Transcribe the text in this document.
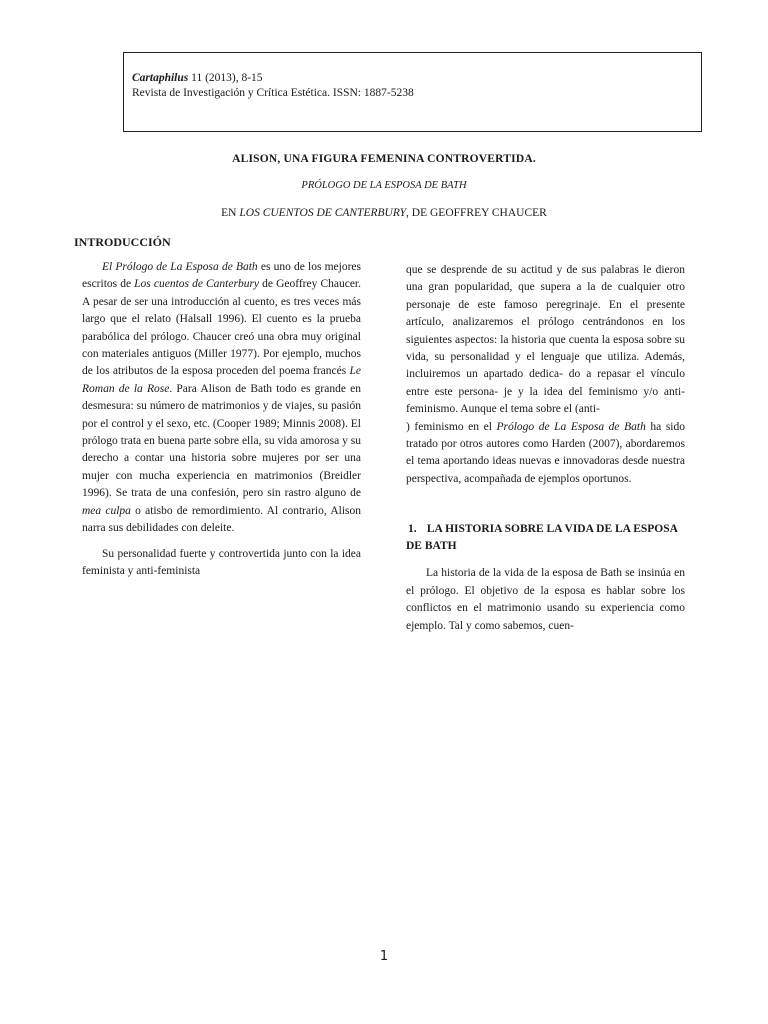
Cartaphilus 11 (2013), 8-15
Revista de Investigación y Crítica Estética. ISSN: 1887-5238
ALISON, UNA FIGURA FEMENINA CONTROVERTIDA.
PRÓLOGO DE LA ESPOSA DE BATH
EN LOS CUENTOS DE CANTERBURY, DE GEOFFREY CHAUCER
INTRODUCCIÓN

El Prólogo de La Esposa de Bath es uno de los mejores escritos de Los cuentos de Canterbury de Geoffrey Chaucer. A pesar de ser una introducción al cuento, es tres veces más largo que el relato (Halsall 1996). El cuento es la prueba parabólica del prólogo. Chaucer creó una obra muy original con materiales antiguos (Miller 1977). Por ejemplo, muchos de los atributos de la esposa proceden del poema francés Le Roman de la Rose. Para Alison de Bath todo es grande en desmesura: su número de matrimonios y de viajes, su pasión por el control y el sexo, etc. (Cooper 1989; Minnis 2008). El prólogo trata en buena parte sobre ella, su vida amorosa y su derecho a contar una historia sobre mujeres por ser una mujer con mucha experiencia en matrimonios (Breidler 1996). Se trata de una confesión, pero sin rastro alguno de mea culpa o atisbo de remordimiento. Al contrario, Alison narra sus debilidades con deleite.

Su personalidad fuerte y controvertida junto con la idea feminista y anti-feminista

que se desprende de su actitud y de sus palabras le dieron una gran popularidad, que supera a la de cualquier otro personaje de este famoso peregrinaje. En el presente artículo, analizaremos el prólogo centrándonos en los siguientes aspectos: la historia que cuenta la esposa sobre su vida, su personalidad y el lenguaje que utiliza. Además, incluiremos un apartado dedica- do a repasar el vínculo entre este persona- je y la idea del feminismo y/o anti- feminismo. Aunque el tema sobre el (anti-

) feminismo en el Prólogo de La Esposa de Bath ha sido tratado por otros autores como Harden (2007), abordaremos el tema aportando ideas nuevas e innovadoras desde nuestra perspectiva, acompañada de ejemplos oportunos.

1. LA HISTORIA SOBRE LA VIDA DE LA ESPOSA DE BATH

La historia de la vida de la esposa de Bath se insinúa en el prólogo. El objetivo de la esposa es hablar sobre los conflictos en el matrimonio usando su experiencia como ejemplo. Tal y como sabemos, cuen-

1
